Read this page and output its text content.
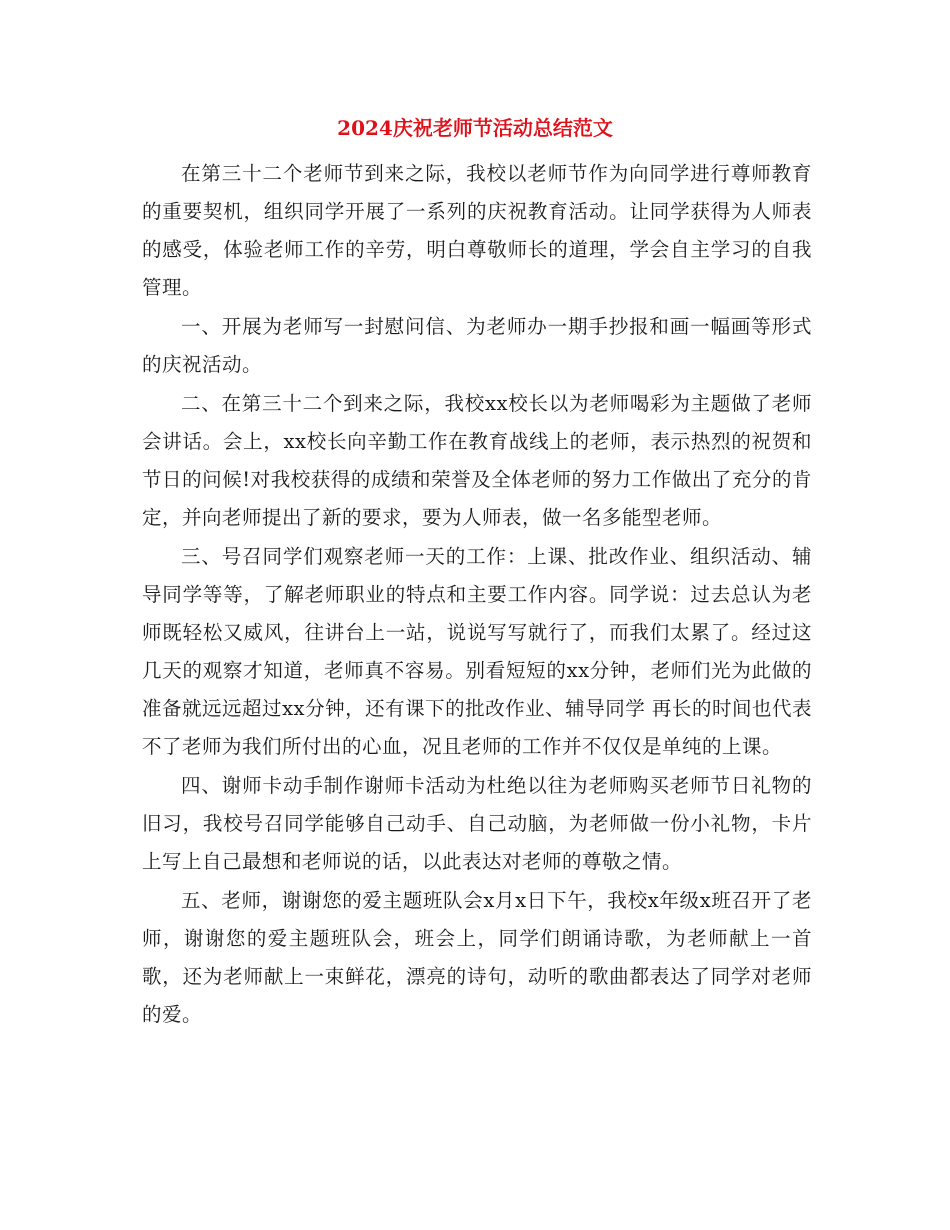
2024庆祝老师节活动总结范文

在第三十二个老师节到来之际，我校以老师节作为向同学进行尊师教育的重要契机，组织同学开展了一系列的庆祝教育活动。让同学获得为人师表的感受，体验老师工作的辛劳，明白尊敬师长的道理，学会自主学习的自我管理。

一、开展为老师写一封慰问信、为老师办一期手抄报和画一幅画等形式的庆祝活动。

二、在第三十二个到来之际，我校xx校长以为老师喝彩为主题做了老师会讲话。会上，xx校长向辛勤工作在教育战线上的老师，表示热烈的祝贺和节日的问候!对我校获得的成绩和荣誉及全体老师的努力工作做出了充分的肯定，并向老师提出了新的要求，要为人师表，做一名多能型老师。

三、号召同学们观察老师一天的工作：上课、批改作业、组织活动、辅导同学等等，了解老师职业的特点和主要工作内容。同学说：过去总认为老师既轻松又威风，往讲台上一站，说说写写就行了，而我们太累了。经过这几天的观察才知道，老师真不容易。别看短短的xx分钟，老师们光为此做的准备就远远超过xx分钟，还有课下的批改作业、辅导同学 再长的时间也代表不了老师为我们所付出的心血，况且老师的工作并不仅仅是单纯的上课。

四、谢师卡动手制作谢师卡活动为杜绝以往为老师购买老师节日礼物的旧习，我校号召同学能够自己动手、自己动脑，为老师做一份小礼物，卡片上写上自己最想和老师说的话，以此表达对老师的尊敬之情。

五、老师，谢谢您的爱主题班队会x月x日下午，我校x年级x班召开了老师，谢谢您的爱主题班队会，班会上，同学们朗诵诗歌，为老师献上一首歌，还为老师献上一束鲜花，漂亮的诗句，动听的歌曲都表达了同学对老师的爱。
